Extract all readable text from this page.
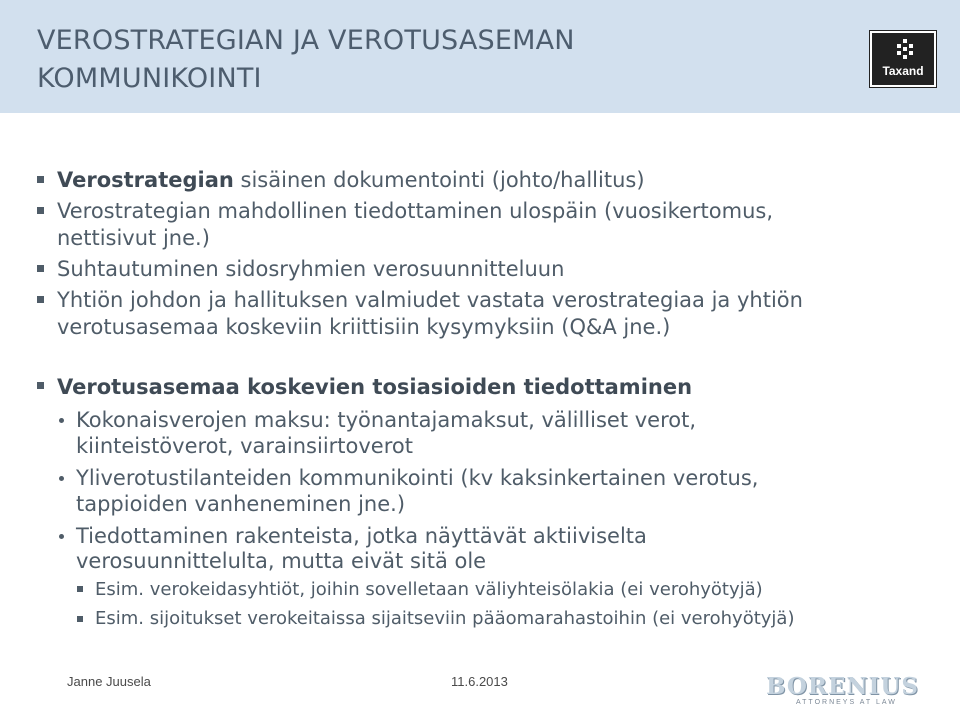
VEROSTRATEGIAN JA VEROTUSASEMAN
KOMMUNIKOINTI	Taxand
Verostrategian sisäinen dokumentointi (johto/hallitus)
Verostrategian mahdollinen tiedottaminen ulospäin (vuosikertomus,
nettisivut jne.)
Suhtautuminen sidosryhmien verosuunnitteluun
Yhtiön johdon ja hallituksen valmiudet vastata verostrategiaa ja yhtiön
verotusasemaa koskeviin kriittisiin kysymyksiin (Q&A jne.)
Verotusasemaa koskevien tosiasioiden tiedottaminen
Kokonaisverojen maksu: työnantajamaksut, välilliset verot,
kiinteistöverot, varainsiirtoverot
Yliverotustilanteiden kommunikointi (kv kaksinkertainen verotus,
tappioiden vanheneminen jne.)
Tiedottaminen rakenteista, jotka näyttävät aktiiviselta
verosuunnittelulta, mutta eivät sitä ole
Esim. verokeidasyhtiöt, joihin sovelletaan väliyhteisölakia (ei verohyötyjä)
Esim. sijoitukset verokeitaissa sijaitseviin pääomarahastoihin (ei verohyötyjä)
Janne Juusela	11.6.2013	BORENIUS
ATTORNEYS AT LAW
